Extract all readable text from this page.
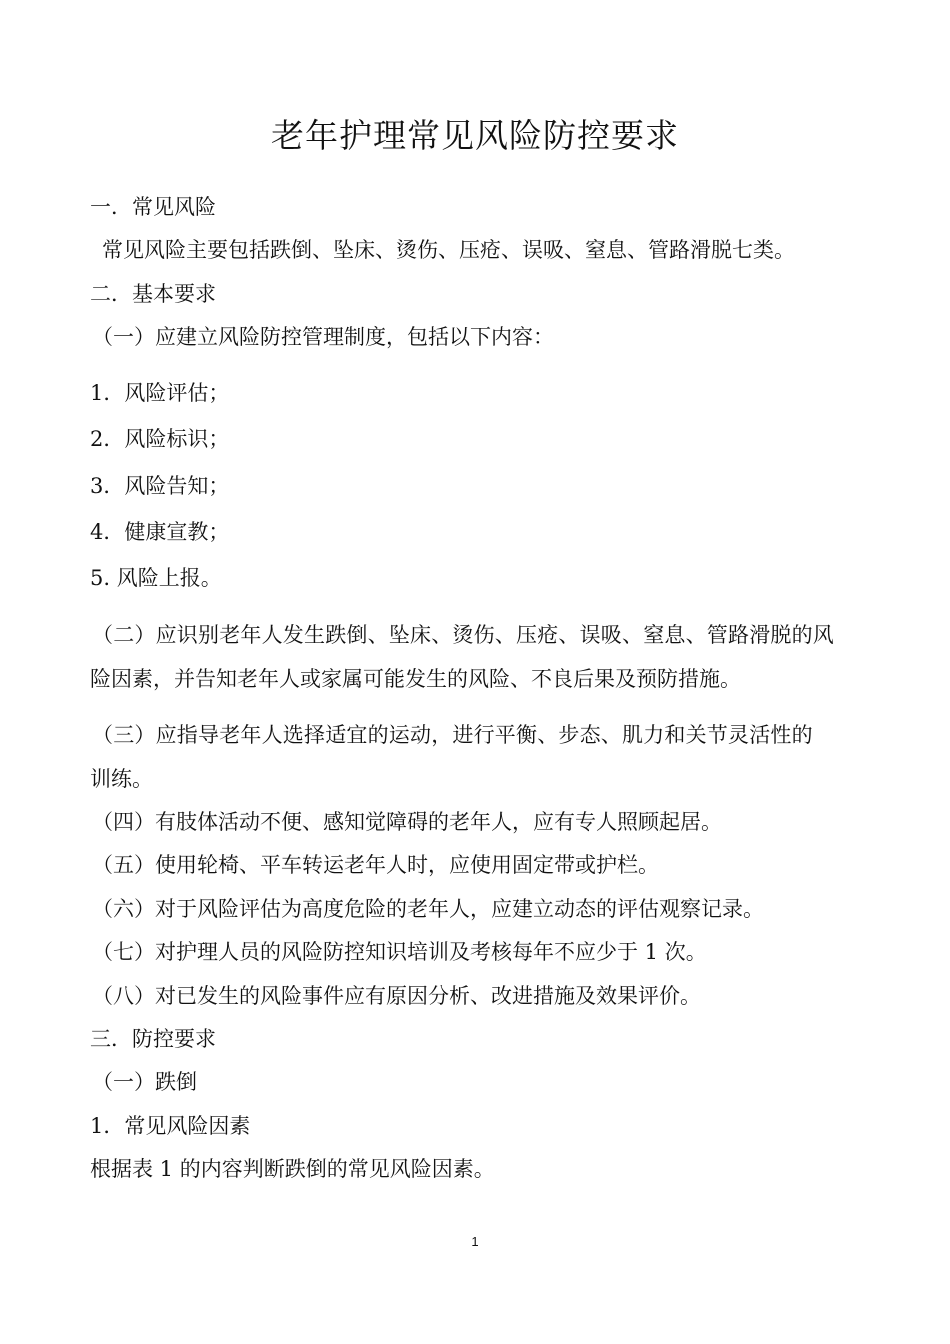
老年护理常见风险防控要求
一．常见风险
常见风险主要包括跌倒、坠床、烫伤、压疮、误吸、窒息、管路滑脱七类。
二．基本要求
（一）应建立风险防控管理制度，包括以下内容：
1．风险评估；
2．风险标识；
3．风险告知；
4．健康宣教；
5. 风险上报。
（二）应识别老年人发生跌倒、坠床、烫伤、压疮、误吸、窒息、管路滑脱的风
险因素，并告知老年人或家属可能发生的风险、不良后果及预防措施。
（三）应指导老年人选择适宜的运动，进行平衡、步态、肌力和关节灵活性的
训练。
（四）有肢体活动不便、感知觉障碍的老年人，应有专人照顾起居。
（五）使用轮椅、平车转运老年人时，应使用固定带或护栏。
（六）对于风险评估为高度危险的老年人，应建立动态的评估观察记录。
（七）对护理人员的风险防控知识培训及考核每年不应少于 1 次。
（八）对已发生的风险事件应有原因分析、改进措施及效果评价。
三．防控要求
（一）跌倒
1．常见风险因素
根据表 1 的内容判断跌倒的常见风险因素。
1
